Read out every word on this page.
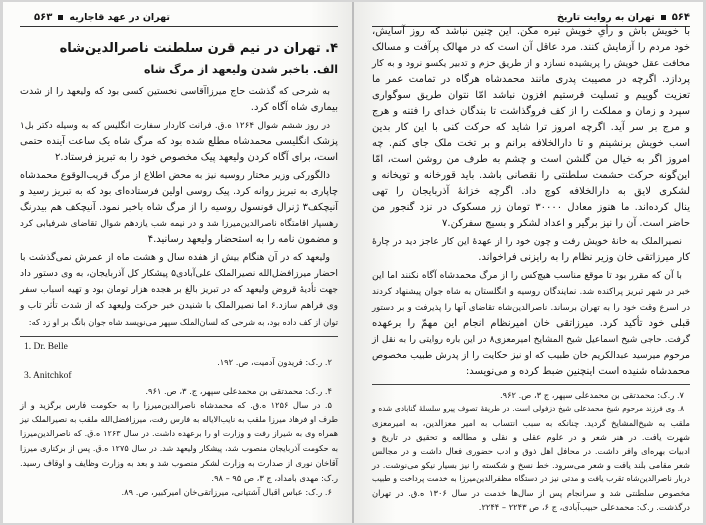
۵۶۳ تهران در عهد قاجاریه
۴. تهران در نیم قرن سلطنت ناصرالدین‌شاه
الف. باخبر شدن ولیعهد از مرگ شاه
به شرحی که گذشت حاج میرزاآقاسی نخستین کسی بود که ولیعهد را از شدت
بیماری شاه آگاه کرد.
در روز ششم شوال ۱۲۶۴ ه.ق. فرانت کاردار سفارت انگلیس که به وسیله دکتر بل۱
پزشک انگلیسی محمدشاه مطلع شده بود که مرگ شاه یک ساعت آینده حتمی
است، برای آگاه کردن ولیعهد پیک مخصوص خود را به تبریز فرستاد.۲
دالگورکی وزیر مختار روسیه نیز به محض اطلاع از مرگ قریب‌الوقوع محمدشاه
چاپاری به تبریز روانه کرد. پیک روسی اولین فرستاده‌ای بود که به تبریز رسید و
آنیچکف۳ ژنرال قونسول روسیه را از مرگ شاه باخبر نمود. آنیچکف هم بیدرنگ
رهسپار اقامتگاه ناصرالدین‌میرزا شد و در نیمه شب یازدهم شوال تقاضای شرفیابی کرد
و مضمون نامه را به استحضار ولیعهد رسانید.۴
ولیعهد که در آن هنگام بیش از هفده سال و هشت ماه از عمرش نمی‌گذشت با
احضار میرزافضل‌الله نصیرالملک علی‌آبادی۵ پیشکار کل آذربایجان، به وی دستور داد
جهت تأدیهٔ قروض ولیعهد که در تبریز بالغ بر هجده هزار تومان بود و تهیه اسباب سفر
وی فراهم سازد.۶ اما نصیرالملک با شنیدن خبر حرکت ولیعهد که از شدت تأثر تاب و
توان از کف داده بود، به شرحی که لسان‌الملک سپهر می‌نویسد شاه جوان بانگ بر او زد که:
1. Dr. Belle
۲. ر.ک: فریدون آدمیت، ص. ۱۹۲.
3. Anitchkof
۴. ر.ک: محمدتقی بن محمدعلی سپهر، ج. ۳، ص. ۹۶۱.
۵. در سال ۱۲۵۶ ه.ق. که محمدشاه ناصرالدین‌میرزا را به حکومت فارس برگزید و از
طرف او فرهاد میرزا ملقب به نایب‌الایاله به فارس رفت، میرزافضل‌الله ملقب به نصیرالملک نیز
همراه وی به شیراز رفت و وزارت او را برعهده داشت. در سال ۱۲۶۳ ه.ق. که ناصرالدین‌میرزا
به حکومت آذربایجان منصوب شد، پیشکار ولیعهد شد. در سال ۱۲۷۵ ه.ق. پس از برکناری میرزا
آقاخان نوری از صدارت به وزارت لشکر منصوب شد و بعد به وزارت وظایف و اوقاف رسید.
ر.ک: مهدی بامداد، ج ۳، ص ۹۵ – ۹۸.
۶. ر.ک: عباس اقبال آشتیانی، میرزاتقی‌خان امیرکبیر، ص. ۸۹.
تهران به روایت تاریخ ۵۶۴
با خویش باش و رأیِ خویش تیره مکن. این چنین نباشد که روز آسایش،
خود مردم را آزمایش کنند. مرد عاقل آن است که در مهالک پرآفت و مسالک
مخافت عقل خویش را پریشیده نسازد و از طریق حزم و تدبیر یکسو نرود و به کار
پردازد. اگرچه در مصیبت پدری مانند محمدشاه هرگاه در تمامت عمر ما
تعزیت گوییم و تسلیت فرستیم افزون نباشد امّا نتوان طریق سوگواری
سپرد و زمان و مملکت را از کف فروگذاشت تا بندگان خدای را فتنه و هرج
و مرج بر سر آید. اگرچه امروز ترا شاید که حرکت کنی با این کار بدین
اسب خویش برنشینم و تا دارالخلافه برانم و بر تخت ملک جای کنم. چه
امروز اگر به خیال من گلشن است و چشم به طرف من روشن است، امّا
این‌گونه حرکت حشمت سلطنتی را نقصانی باشد. باید قورخانه و توپخانه و
لشکری لایق به دارالخلافه کوچ داد. اگرچه خزانهٔ آذربایجان را تهی
ینال کرده‌اند. ما هنوز معادل ۳۰۰۰۰ تومان زر مسکوک در نزد گنجور من
حاضر است. آن را نیز برگیر و اعداد لشکر و بسیج سفرکن.۷
نصیرالملک به خانهٔ خویش رفت و چون خود را از عهدهٔ این کار عاجز دید در چارهٔ
کار میرزاتقی خان وزیر نظام را به رایزنی فراخواند.
با آن که مقرر بود تا موقع مناسب هیچ‌کس را از مرگ محمدشاه آگاه نکنند اما این
خبر در شهر تبریز پراکنده شد. نمایندگان روسیه و انگلستان به شاه جوان پیشنهاد کردند
در اسرع وقت خود را به تهران برساند. ناصرالدین‌شاه تقاضای آنها را پذیرفت و بر دستور
قبلی خود تأکید کرد. میرزاتقی خان امیرنظام انجام این مهمّ را برعهده
گرفت. حاجی شیخ اسماعیل شیخ المشایخ امیرمعزی۸ در این باره روایتی را به نقل از
مرحوم میرسید عبدالکریم خان طبیب که او نیز حکایت را از پدرش طبیب مخصوص
محمدشاه شنیده است اینچنین ضبط کرده و می‌نویسد:
۷. ر.ک: محمدتقی بن محمدعلی سپهر، ج ۳، ص. ۹۶۲.
۸. وی فرزند مرحوم شیخ محمدعلی شیخ دزفولی است. در طریقهٔ تصوف پیرو سلسلهٔ گنابادی شده و
ملقب به شیخ‌المشایخ گردید. چنانکه به سبب انتساب به امیر معزالدین، به امیرمعزی
شهرت یافت. در هنر شعر و در علوم عقلی و نقلی و مطالعه و تحقیق در تاریخ و
ادبیات بهره‌ای وافر داشت. در محافل اهل ذوق و ادب حضوری فعال داشت و در مجالس
شعر مقامی بلند یافت و شعر می‌سرود. خط نسخ و شکسته را نیز بسیار نیکو می‌نوشت. در
دربار ناصرالدین‌شاه تقرب یافت و مدتی نیز در دستگاه مظفرالدین‌میرزا به خدمت پرداخت و طبیب
مخصوص سلطنتی شد و سرانجام پس از سال‌ها خدمت در سال ۱۳۰۶ ه.ق. در تهران
درگذشت. ر.ک: محمدعلی حبیب‌آبادی، ج ۶، ص ۲۲۴۳ – ۲۲۴۴.
